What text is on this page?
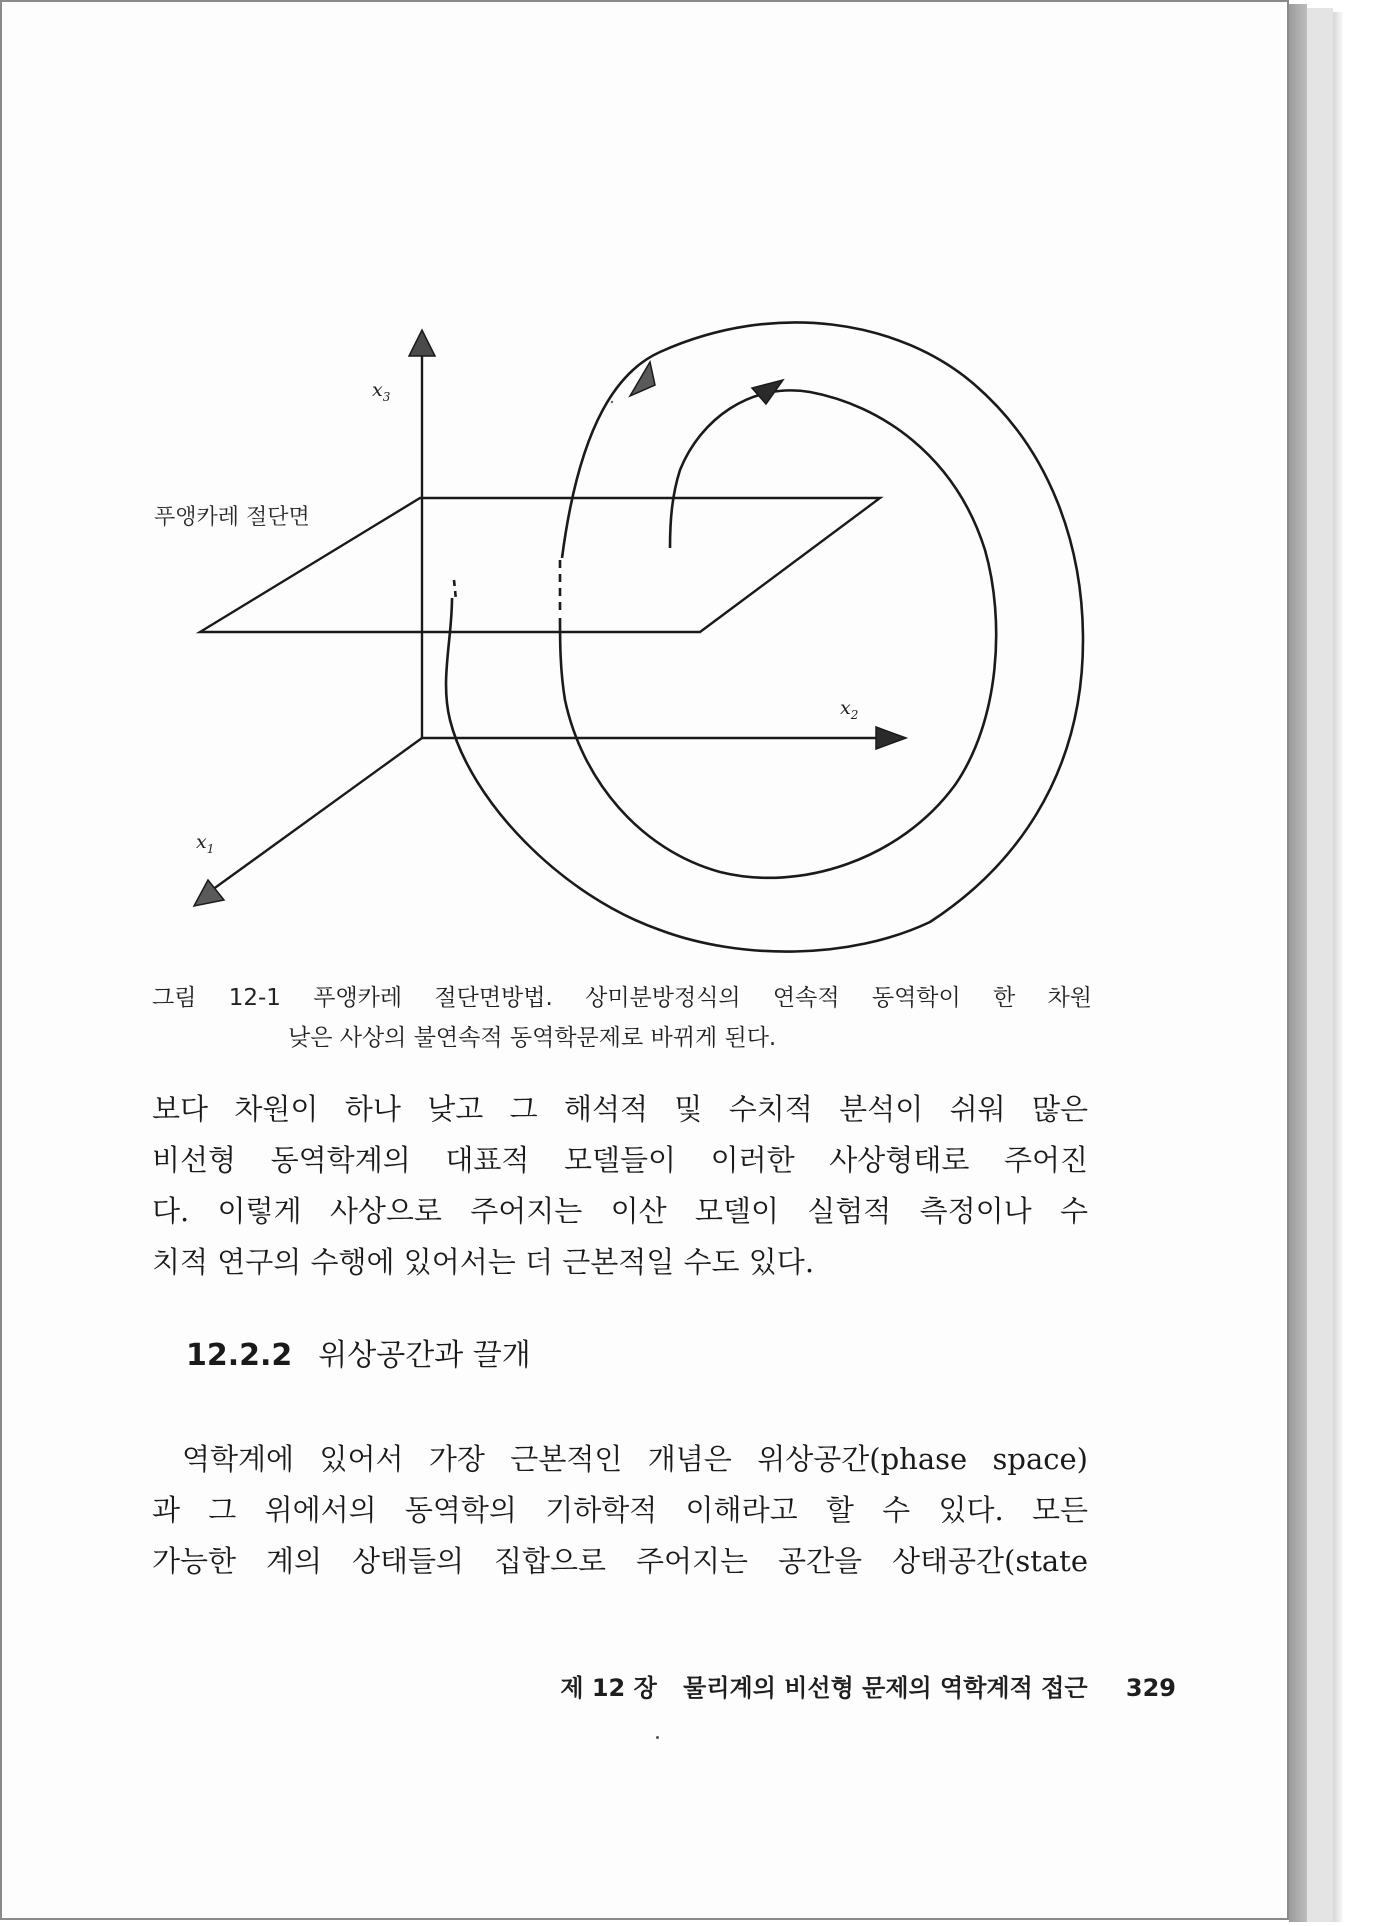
$x_3$
$x_2$
$x_1$
푸앵카레 절단면
그림 12-1 푸앵카레 절단면방법. 상미분방정식의 연속적 동역학이 한 차원
낮은 사상의 불연속적 동역학문제로 바뀌게 된다.
보다 차원이 하나 낮고 그 해석적 및 수치적 분석이 쉬워 많은
비선형 동역학계의 대표적 모델들이 이러한 사상형태로 주어진
다. 이렇게 사상으로 주어지는 이산 모델이 실험적 측정이나 수
치적 연구의 수행에 있어서는 더 근본적일 수도 있다.
12.2.2 위상공간과 끌개
역학계에 있어서 가장 근본적인 개념은 위상공간(phase space)
과 그 위에서의 동역학의 기하학적 이해라고 할 수 있다. 모든
가능한 계의 상태들의 집합으로 주어지는 공간을 상태공간(state
제 12 장 물리계의 비선형 문제의 역학계적 접근 329
